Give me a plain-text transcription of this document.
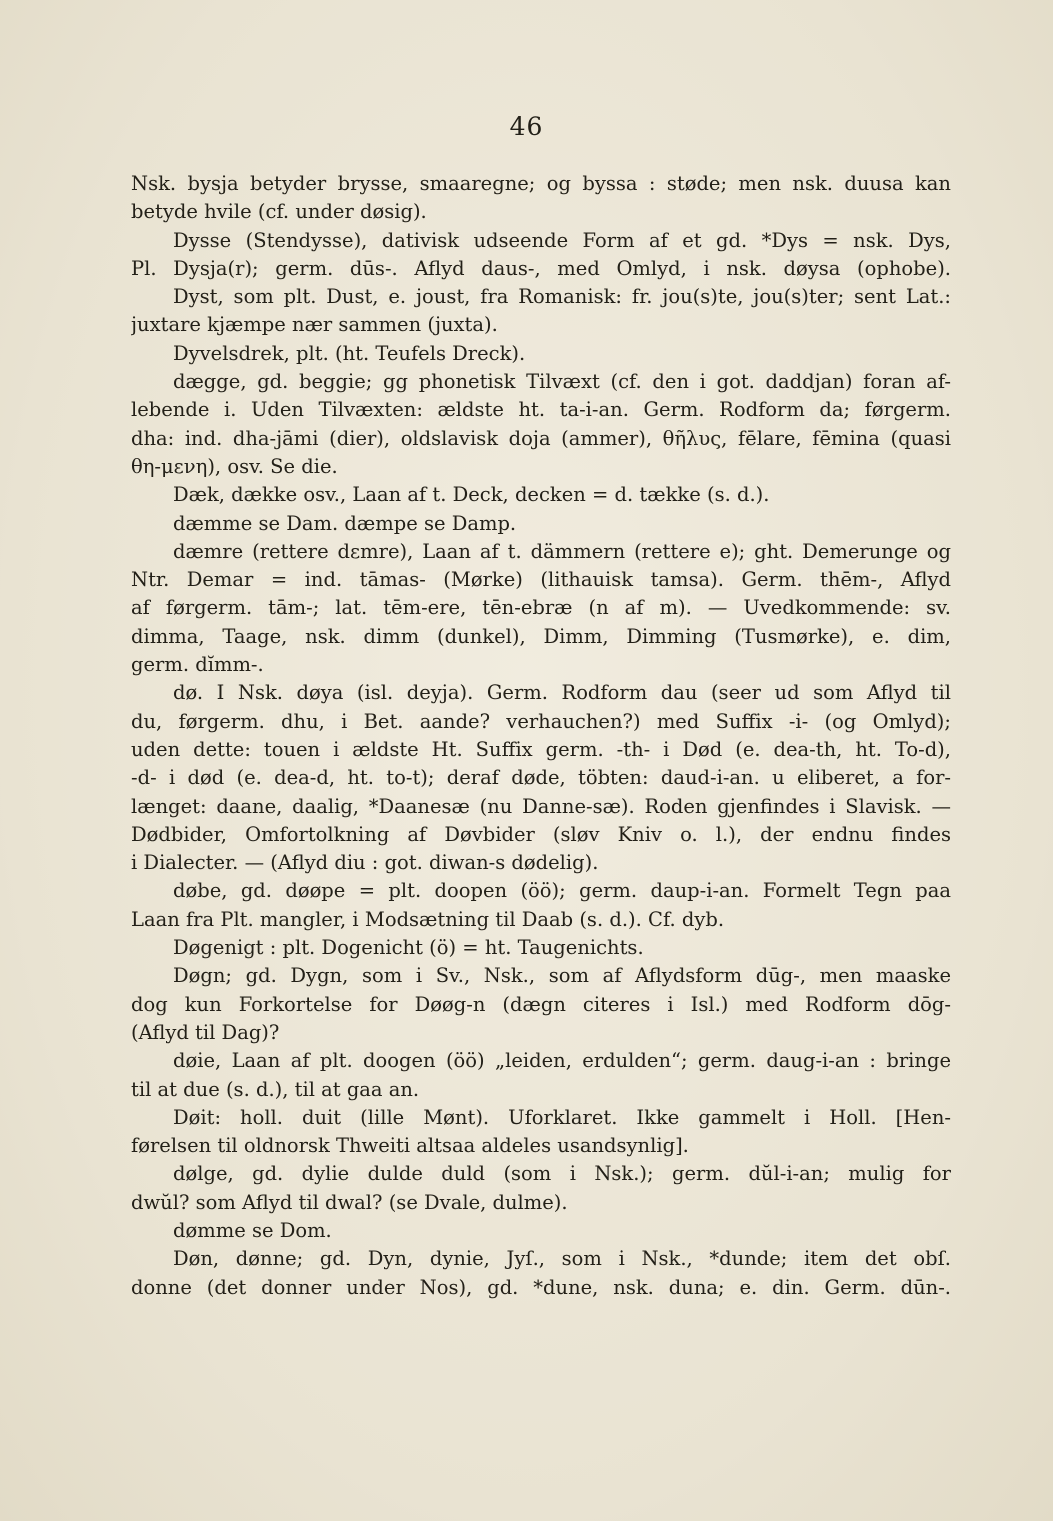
46
Nsk. bysja betyder brysse, smaaregne; og byssa : støde; men nsk. duusa kan
betyde hvile (cf. under døsig).
Dysse (Stendysse), dativisk udseende Form af et gd. *Dys = nsk. Dys,
Pl. Dysja(r); germ. dūs-. Aflyd daus-, med Omlyd, i nsk. døysa (ophobe).
Dyst, som plt. Dust, e. joust, fra Romanisk: fr. jou(s)te, jou(s)ter; sent Lat.:
juxtare kjæmpe nær sammen (juxta).
Dyvelsdrek, plt. (ht. Teufels Dreck).
dægge, gd. beggie; gg phonetisk Tilvæxt (cf. den i got. daddjan) foran af-
lebende i. Uden Tilvæxten: ældste ht. ta-i-an. Germ. Rodform da; førgerm.
dha: ind. dha-jāmi (dier), oldslavisk doja (ammer), θῆλυς, fēlare, fēmina (quasi
θη-μενη), osv. Se die.
Dæk, dække osv., Laan af t. Deck, decken = d. tække (s. d.).
dæmme se Dam. dæmpe se Damp.
dæmre (rettere dεmre), Laan af t. dämmern (rettere e); ght. Demerunge og
Ntr. Demar = ind. tāmas- (Mørke) (lithauisk tamsa). Germ. thēm-, Aflyd
af førgerm. tām-; lat. tēm-ere, tēn-ebræ (n af m). — Uvedkommende: sv.
dimma, Taage, nsk. dimm (dunkel), Dimm, Dimming (Tusmørke), e. dim,
germ. dĭmm-.
dø. I Nsk. døya (isl. deyja). Germ. Rodform dau (seer ud som Aflyd til
du, førgerm. dhu, i Bet. aande? verhauchen?) med Suffix -i- (og Omlyd);
uden dette: touen i ældste Ht. Suffix germ. -th- i Død (e. dea-th, ht. To-d),
-d- i død (e. dea-d, ht. to-t); deraf døde, töbten: daud-i-an. u eliberet, a for-
længet: daane, daalig, *Daanesæ (nu Danne-sæ). Roden gjenfindes i Slavisk. —
Dødbider, Omfortolkning af Døvbider (sløv Kniv o. l.), der endnu findes
i Dialecter. — (Aflyd diu : got. diwan-s dødelig).
døbe, gd. døøpe = plt. doopen (öö); germ. daup-i-an. Formelt Tegn paa
Laan fra Plt. mangler, i Modsætning til Daab (s. d.). Cf. dyb.
Døgenigt : plt. Dogenicht (ö) = ht. Taugenichts.
Døgn; gd. Dygn, som i Sv., Nsk., som af Aflydsform dūg-, men maaske
dog kun Forkortelse for Døøg-n (dægn citeres i Isl.) med Rodform dōg-
(Aflyd til Dag)?
døie, Laan af plt. doogen (öö) „leiden, erdulden“; germ. daug-i-an : bringe
til at due (s. d.), til at gaa an.
Døit: holl. duit (lille Mønt). Uforklaret. Ikke gammelt i Holl. [Hen-
førelsen til oldnorsk Thweiti altsaa aldeles usandsynlig].
dølge, gd. dylie dulde duld (som i Nsk.); germ. dŭl-i-an; mulig for
dwŭl? som Aflyd til dwal? (se Dvale, dulme).
dømme se Dom.
Døn, dønne; gd. Dyn, dynie, Jyſ., som i Nsk., *dunde; item det obſ.
donne (det donner under Nos), gd. *dune, nsk. duna; e. din. Germ. dūn-.
